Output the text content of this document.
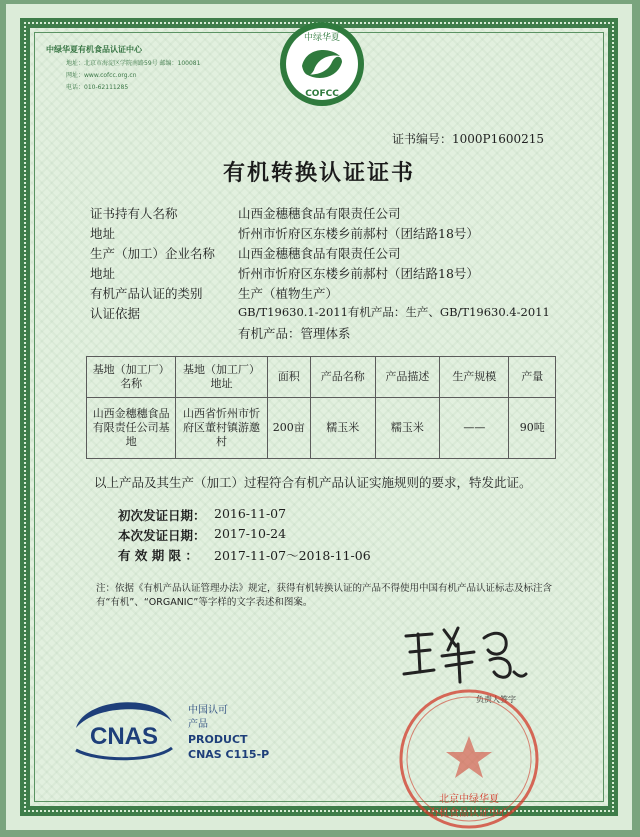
中绿华夏有机食品认证中心
地址：北京市海淀区学院南路59号 邮编：100081
网址：www.cofcc.org.cn
电话：010-62111285
中绿华夏
COFCC
证书编号：1000P1600215
有机转换认证证书
证书持有人名称	山西金穗穗食品有限责任公司
地址	忻州市忻府区东楼乡前郝村（团结路18号）
生产（加工）企业名称 山西金穗穗食品有限责任公司
地址	忻州市忻府区东楼乡前郝村（团结路18号）
有机产品认证的类别	生产（植物生产）
认证依据	GB/T19630.1-2011有机产品：生产、GB/T19630.4-2011
有机产品：管理体系
基地（加工厂）名称	基地（加工厂）地址	面积	产品名称	产品描述	生产规模	产量
山西金穗穗食品有限责任公司基地	山西省忻州市忻府区董村镇游邀村	200亩	糯玉米	糯玉米	——	90吨
以上产品及其生产（加工）过程符合有机产品认证实施规则的要求，特发此证。
初次发证日期： 2016-11-07
本次发证日期： 2017-10-24
有 效 期 限 ： 2017-11-07～2018-11-06
注：依据《有机产品认证管理办法》规定，获得有机转换认证的产品不得使用中国有机产品认证标志及标注含有“有机”、“ORGANIC”等字样的文字表述和图案。
负责人签字
北京中绿华夏
有机食品认证中心
CNAS
中国认可
产品
PRODUCT
CNAS C115-P
